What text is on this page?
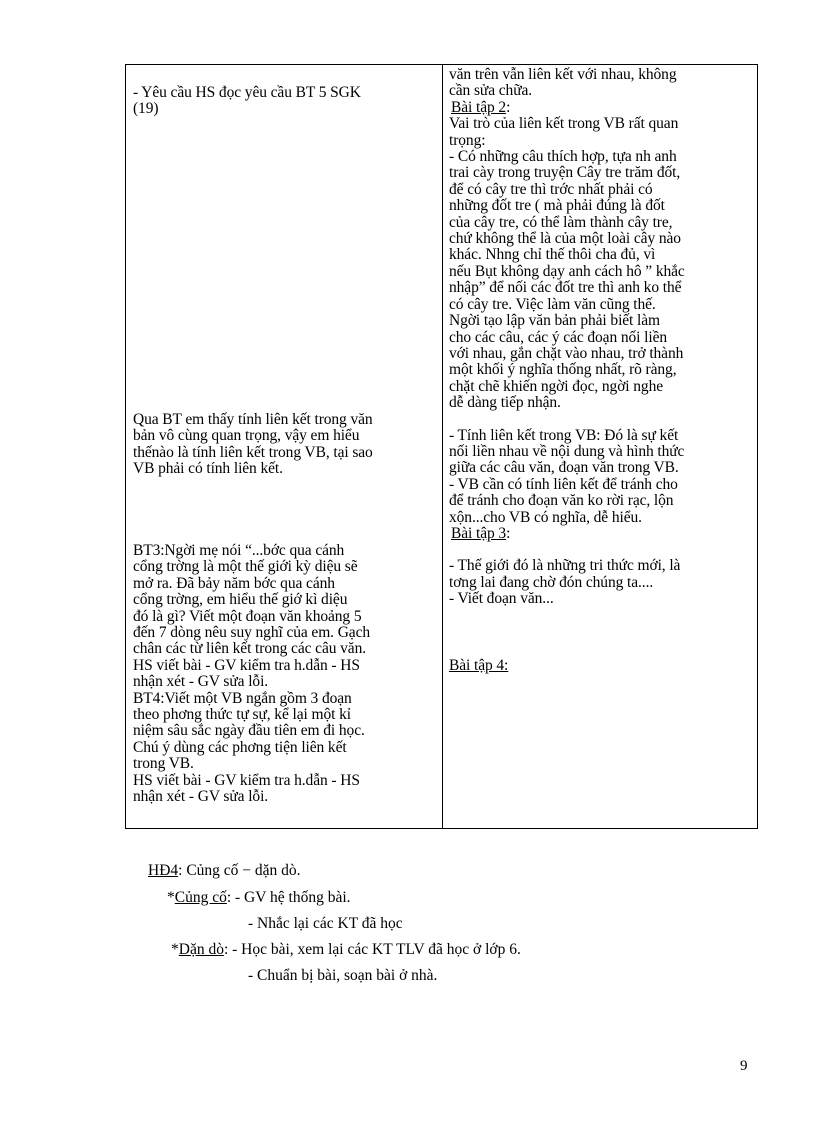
- Yêu cầu HS đọc yêu cầu BT 5 SGK
(19)
Qua BT em thấy tính liên kết trong văn
bản vô cùng quan trọng, vậy em hiểu
thếnào là tính liên kết trong VB, tại sao
VB phải có tính liên kết.
BT3:Ngời mẹ nói “...bớc qua cánh
cổng trờng là một thế giới kỳ diệu sẽ
mở ra. Đã bảy năm bớc qua cánh
cổng trờng, em hiểu thế giớ kì diệu
đó là gì? Viết một đoạn văn khoảng 5
đến 7 dòng nêu suy nghĩ của em. Gạch
chân các từ liên kết trong các câu văn.
HS viết bài - GV kiểm tra h.dẫn - HS
nhận xét - GV sửa lỗi.
BT4:Viết một VB ngắn gồm 3 đoạn
theo phơng thức tự sự, kể lại một kỉ
niệm sâu sắc ngày đầu tiên em đi học.
Chú ý dùng các phơng tiện liên kết
trong VB.
HS viết bài - GV kiểm tra h.dẫn - HS
nhận xét - GV sửa lỗi.
văn trên vẫn liên kết với nhau, không
cần sửa chữa.
Bài tập 2:
Vai trò của liên kết trong VB rất quan
trọng:
- Có những câu thích hợp, tựa nh anh
trai cày trong truyện Cây tre trăm đốt,
để có cây tre thì trớc nhất phải có
những đốt tre ( mà phải đúng là đốt
của cây tre, có thể làm thành cây tre,
chứ không thể là của một loài cây nào
khác. Nhng chỉ thế thôi cha đủ, vì
nếu Bụt không dạy anh cách hô ” khắc
nhập” để nối các đốt tre thì anh ko thể
có cây tre. Việc làm văn cũng thế.
Ngời tạo lập văn bản phải biết làm
cho các câu, các ý các đoạn nối liền
với nhau, gắn chặt vào nhau, trở thành
một khối ý nghĩa thống nhất, rõ ràng,
chặt chẽ khiến ngời đọc, ngời nghe
dễ dàng tiếp nhận.
- Tính liên kết trong VB: Đó là sự kết
nối liền nhau về nội dung và hình thức
giữa các câu văn, đoạn văn trong VB.
- VB cần có tính liên kết để tránh cho
để tránh cho đoạn văn ko rời rạc, lộn
xộn...cho VB có nghĩa, dễ hiểu.
Bài tập 3:
- Thế giới đó là những tri thức mới, là
tơng lai đang chờ đón chúng ta....
- Viết đoạn văn...
Bài tập 4:
HĐ4: Củng cố − dặn dò.
*Củng cố: - GV hệ thống bài.
- Nhắc lại các KT đã học
*Dặn dò: - Học bài, xem lại các KT TLV đã học ở lớp 6.
- Chuẩn bị bài, soạn bài ở nhà.
9
